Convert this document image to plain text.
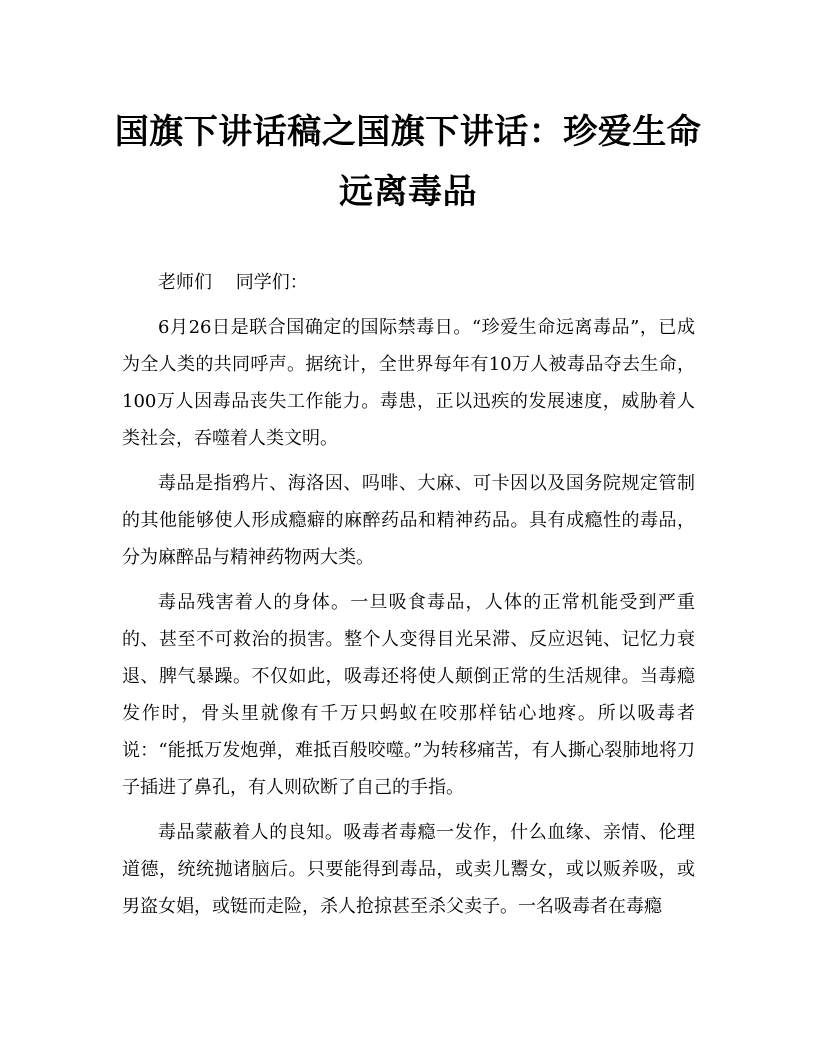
国旗下讲话稿之国旗下讲话：珍爱生命远离毒品

老师们　 同学们：

6月26日是联合国确定的国际禁毒日。“珍爱生命远离毒品”，已成为全人类的共同呼声。据统计，全世界每年有10万人被毒品夺去生命，100万人因毒品丧失工作能力。毒患，正以迅疾的发展速度，威胁着人类社会，吞噬着人类文明。

毒品是指鸦片、海洛因、吗啡、大麻、可卡因以及国务院规定管制的其他能够使人形成瘾癖的麻醉药品和精神药品。具有成瘾性的毒品，分为麻醉品与精神药物两大类。

毒品残害着人的身体。一旦吸食毒品，人体的正常机能受到严重的、甚至不可救治的损害。整个人变得目光呆滞、反应迟钝、记忆力衰退、脾气暴躁。不仅如此，吸毒还将使人颠倒正常的生活规律。当毒瘾发作时，骨头里就像有千万只蚂蚁在咬那样钻心地疼。所以吸毒者说：“能抵万发炮弹，难抵百般咬噬。”为转移痛苦，有人撕心裂肺地将刀子插进了鼻孔，有人则砍断了自己的手指。

毒品蒙蔽着人的良知。吸毒者毒瘾一发作，什么血缘、亲情、伦理道德，统统抛诸脑后。只要能得到毒品，或卖儿鬻女，或以贩养吸，或男盗女娼，或铤而走险，杀人抢掠甚至杀父卖子。一名吸毒者在毒瘾
